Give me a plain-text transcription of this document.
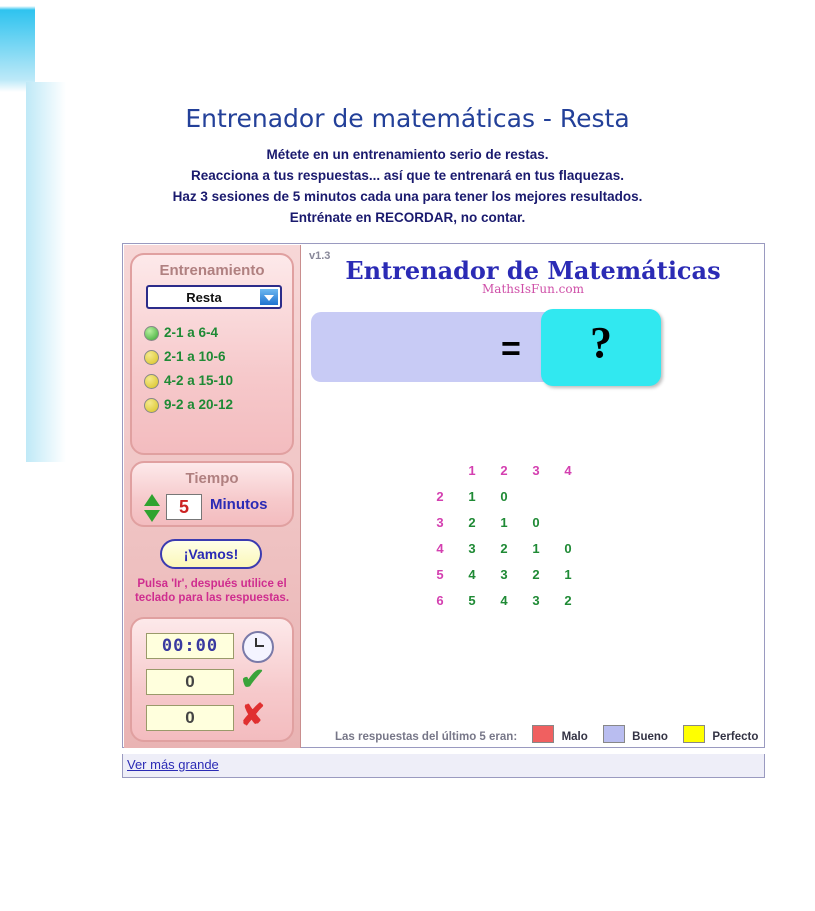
Entrenador de matemáticas - Resta
Métete en un entrenamiento serio de restas.
Reacciona a tus respuestas... así que te entrenará en tus flaquezas.
Haz 3 sesiones de 5 minutos cada una para tener los mejores resultados.
Entrénate en RECORDAR, no contar.
v1.3 Entrenador de Matemáticas
MathsIsFun.com
Entrenamiento
Resta
2-1 a 6-4
2-1 a 10-6
4-2 a 15-10
9-2 a 20-12
Tiempo
5	Minutos
¡Vamos!
Pulsa 'Ir', después utilice el teclado para las respuestas.
00:00
0	✔
0	✘
=	?
	1	2	3	4
2	1	0		
3	2	1	0	
4	3	2	1	0
5	4	3	2	1
6	5	4	3	2
Las respuestas del último 5 eran:	Malo	Bueno	Perfecto
Ver más grande
